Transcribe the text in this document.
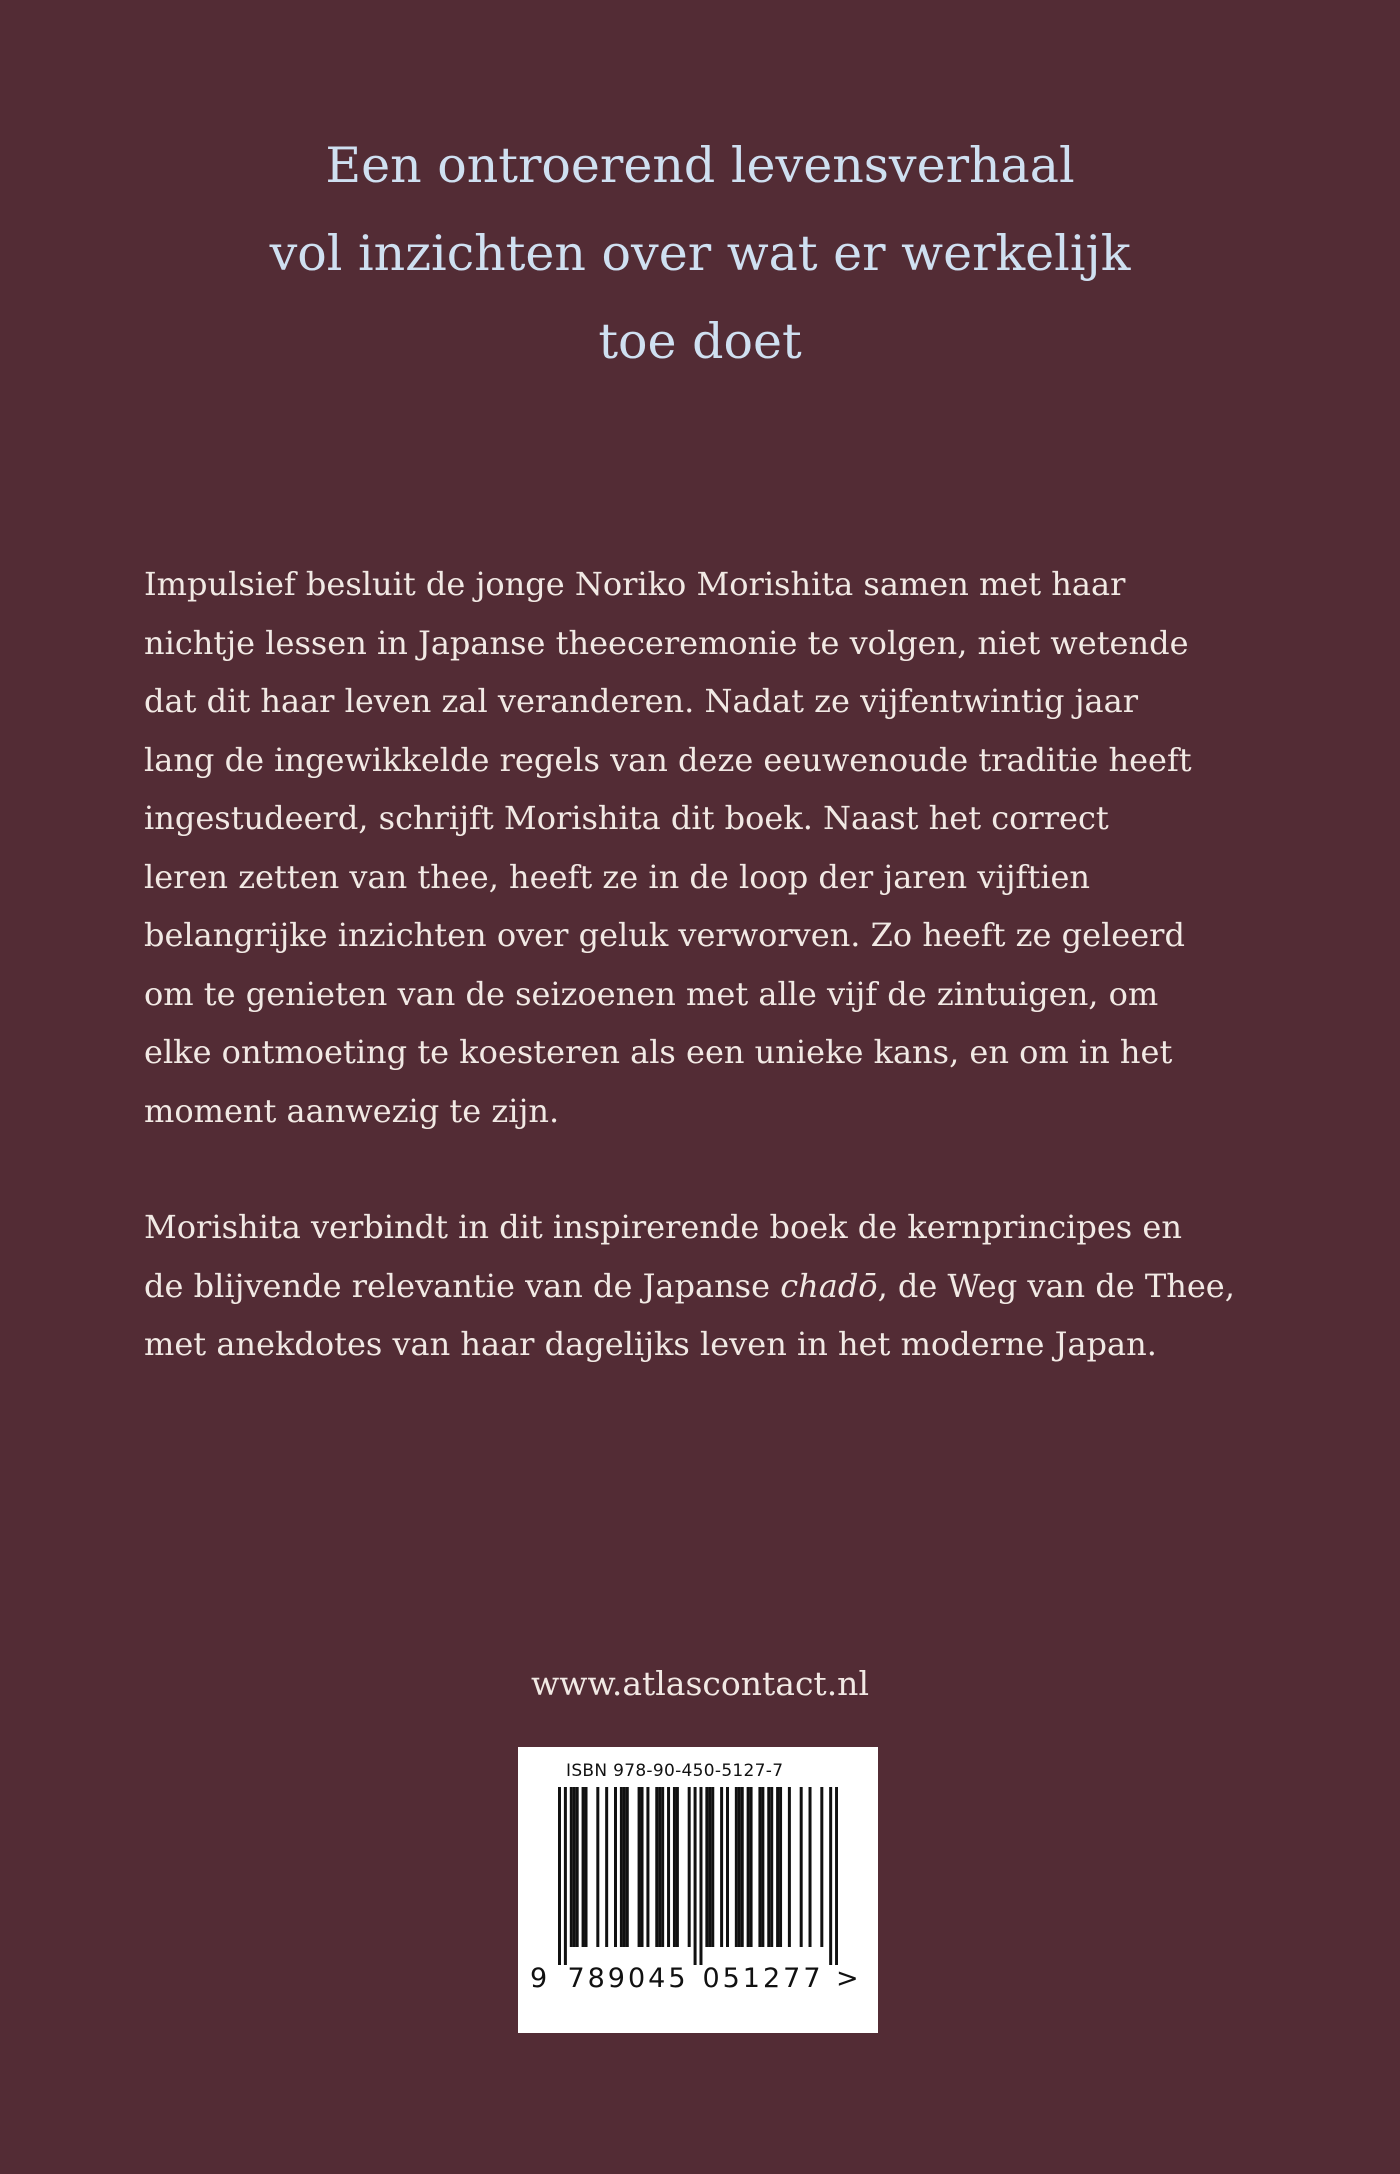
Een ontroerend levensverhaal
vol inzichten over wat er werkelijk
toe doet

Impulsief besluit de jonge Noriko Morishita samen met haar
nichtje lessen in Japanse theeceremonie te volgen, niet wetende
dat dit haar leven zal veranderen. Nadat ze vijfentwintig jaar
lang de ingewikkelde regels van deze eeuwenoude traditie heeft
ingestudeerd, schrijft Morishita dit boek. Naast het correct
leren zetten van thee, heeft ze in de loop der jaren vijftien
belangrijke inzichten over geluk verworven. Zo heeft ze geleerd
om te genieten van de seizoenen met alle vijf de zintuigen, om
elke ontmoeting te koesteren als een unieke kans, en om in het
moment aanwezig te zijn.

Morishita verbindt in dit inspirerende boek de kernprincipes en
de blijvende relevantie van de Japanse chadō, de Weg van de Thee,
met anekdotes van haar dagelijks leven in het moderne Japan.

www.atlascontact.nl
ISBN 978-90-450-5127-7
9 789045 051277 >
